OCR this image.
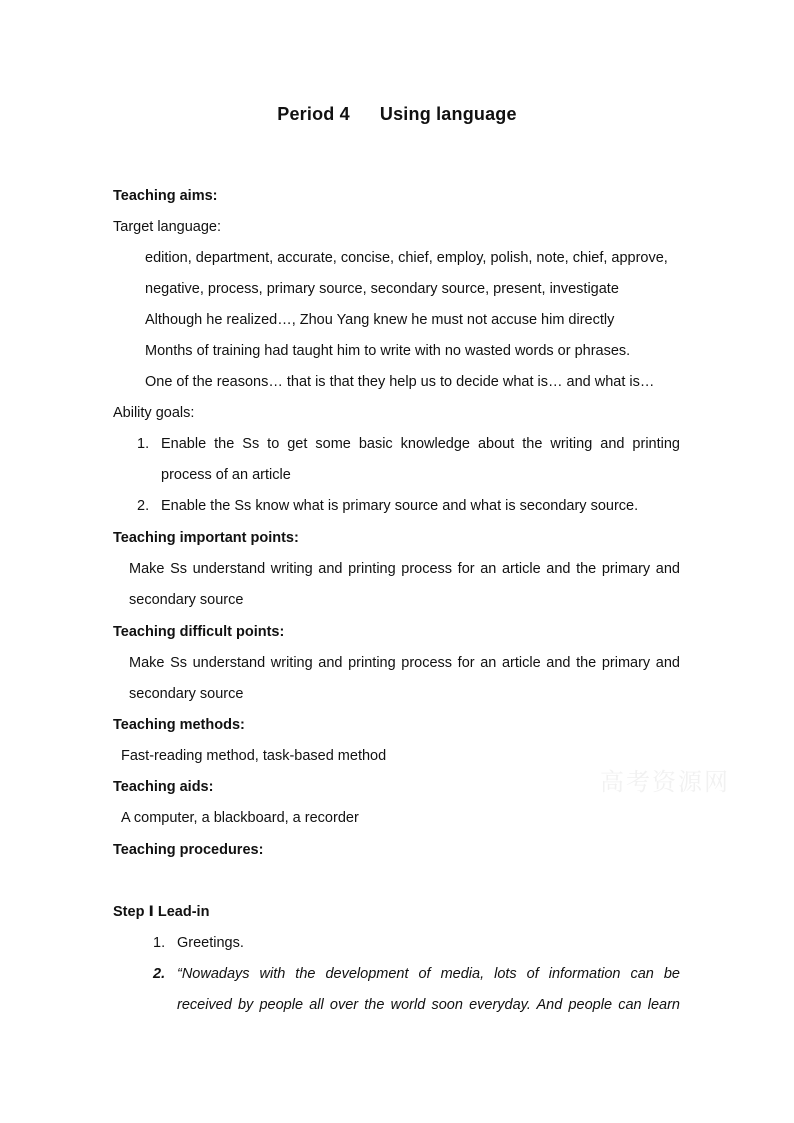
Period 4 Using language
Teaching aims:
Target language:
edition, department, accurate, concise, chief, employ, polish, note, chief, approve,
negative, process, primary source, secondary source, present, investigate
Although he realized…, Zhou Yang knew he must not accuse him directly
Months of training had taught him to write with no wasted words or phrases.
One of the reasons… that is that they help us to decide what is… and what is…
Ability goals:
1. Enable the Ss to get some basic knowledge about the writing and printing
process of an article
2. Enable the Ss know what is primary source and what is secondary source.
Teaching important points:
Make Ss understand writing and printing process for an article and the primary and
secondary source
Teaching difficult points:
Make Ss understand writing and printing process for an article and the primary and
secondary source
Teaching methods:
Fast-reading method, task-based method
Teaching aids:
A computer, a blackboard, a recorder
Teaching procedures:
Step Ⅰ Lead-in
1. Greetings.
2. “Nowadays with the development of media, lots of information can be
received by people all over the world soon everyday. And people can learn
高考资源网
